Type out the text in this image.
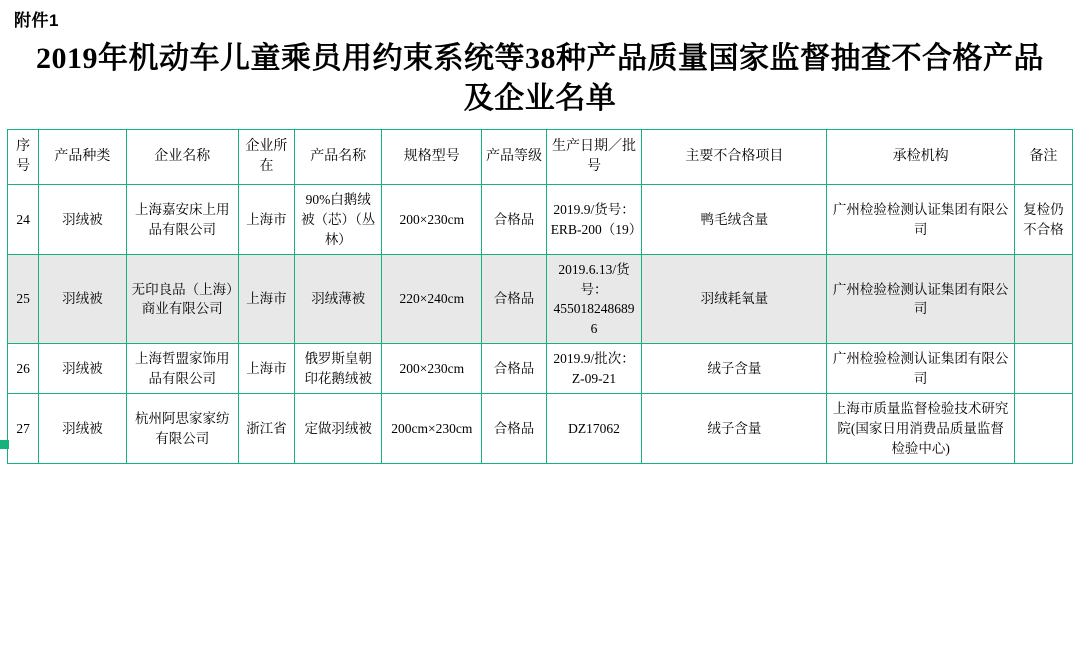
附件1
2019年机动车儿童乘员用约束系统等38种产品质量国家监督抽查不合格产品及企业名单
序号	产品种类	企业名称	企业所在	产品名称	规格型号	产品等级	生产日期／批号	主要不合格项目	承检机构	备注
24	羽绒被	上海嘉安床上用品有限公司	上海市	90%白鹅绒被（芯）（丛林）	200×230cm	合格品	2019.9/货号：ERB-200（19）	鸭毛绒含量	广州检验检测认证集团有限公司	复检仍不合格
25	羽绒被	无印良品（上海）商业有限公司	上海市	羽绒薄被	220×240cm	合格品	2019.6.13/货号：4550182486896	羽绒耗氧量	广州检验检测认证集团有限公司	
26	羽绒被	上海哲盟家饰用品有限公司	上海市	俄罗斯皇朝印花鹅绒被	200×230cm	合格品	2019.9/批次：Z-09-21	绒子含量	广州检验检测认证集团有限公司	
27	羽绒被	杭州阿思家家纺有限公司	浙江省	定做羽绒被	200cm×230cm	合格品	DZ17062	绒子含量	上海市质量监督检验技术研究院(国家日用消费品质量监督检验中心)	
